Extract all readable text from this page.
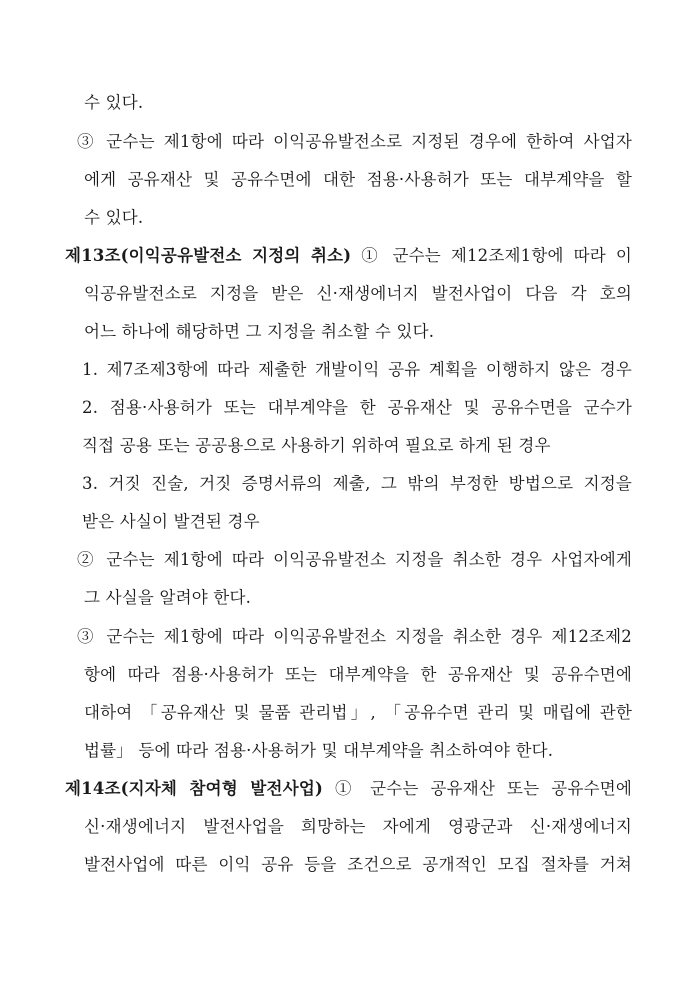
수 있다.
③ 군수는 제1항에 따라 이익공유발전소로 지정된 경우에 한하여 사업자
에게 공유재산 및 공유수면에 대한 점용·사용허가 또는 대부계약을 할
수 있다.
제13조(이익공유발전소 지정의 취소) ① 군수는 제12조제1항에 따라 이
익공유발전소로 지정을 받은 신·재생에너지 발전사업이 다음 각 호의
어느 하나에 해당하면 그 지정을 취소할 수 있다.
1. 제7조제3항에 따라 제출한 개발이익 공유 계획을 이행하지 않은 경우
2. 점용·사용허가 또는 대부계약을 한 공유재산 및 공유수면을 군수가
직접 공용 또는 공공용으로 사용하기 위하여 필요로 하게 된 경우
3. 거짓 진술, 거짓 증명서류의 제출, 그 밖의 부정한 방법으로 지정을
받은 사실이 발견된 경우
② 군수는 제1항에 따라 이익공유발전소 지정을 취소한 경우 사업자에게
그 사실을 알려야 한다.
③ 군수는 제1항에 따라 이익공유발전소 지정을 취소한 경우 제12조제2
항에 따라 점용·사용허가 또는 대부계약을 한 공유재산 및 공유수면에
대하여 「공유재산 및 물품 관리법」, 「공유수면 관리 및 매립에 관한
법률」 등에 따라 점용·사용허가 및 대부계약을 취소하여야 한다.
제14조(지자체 참여형 발전사업) ① 군수는 공유재산 또는 공유수면에
신·재생에너지 발전사업을 희망하는 자에게 영광군과 신·재생에너지
발전사업에 따른 이익 공유 등을 조건으로 공개적인 모집 절차를 거쳐
